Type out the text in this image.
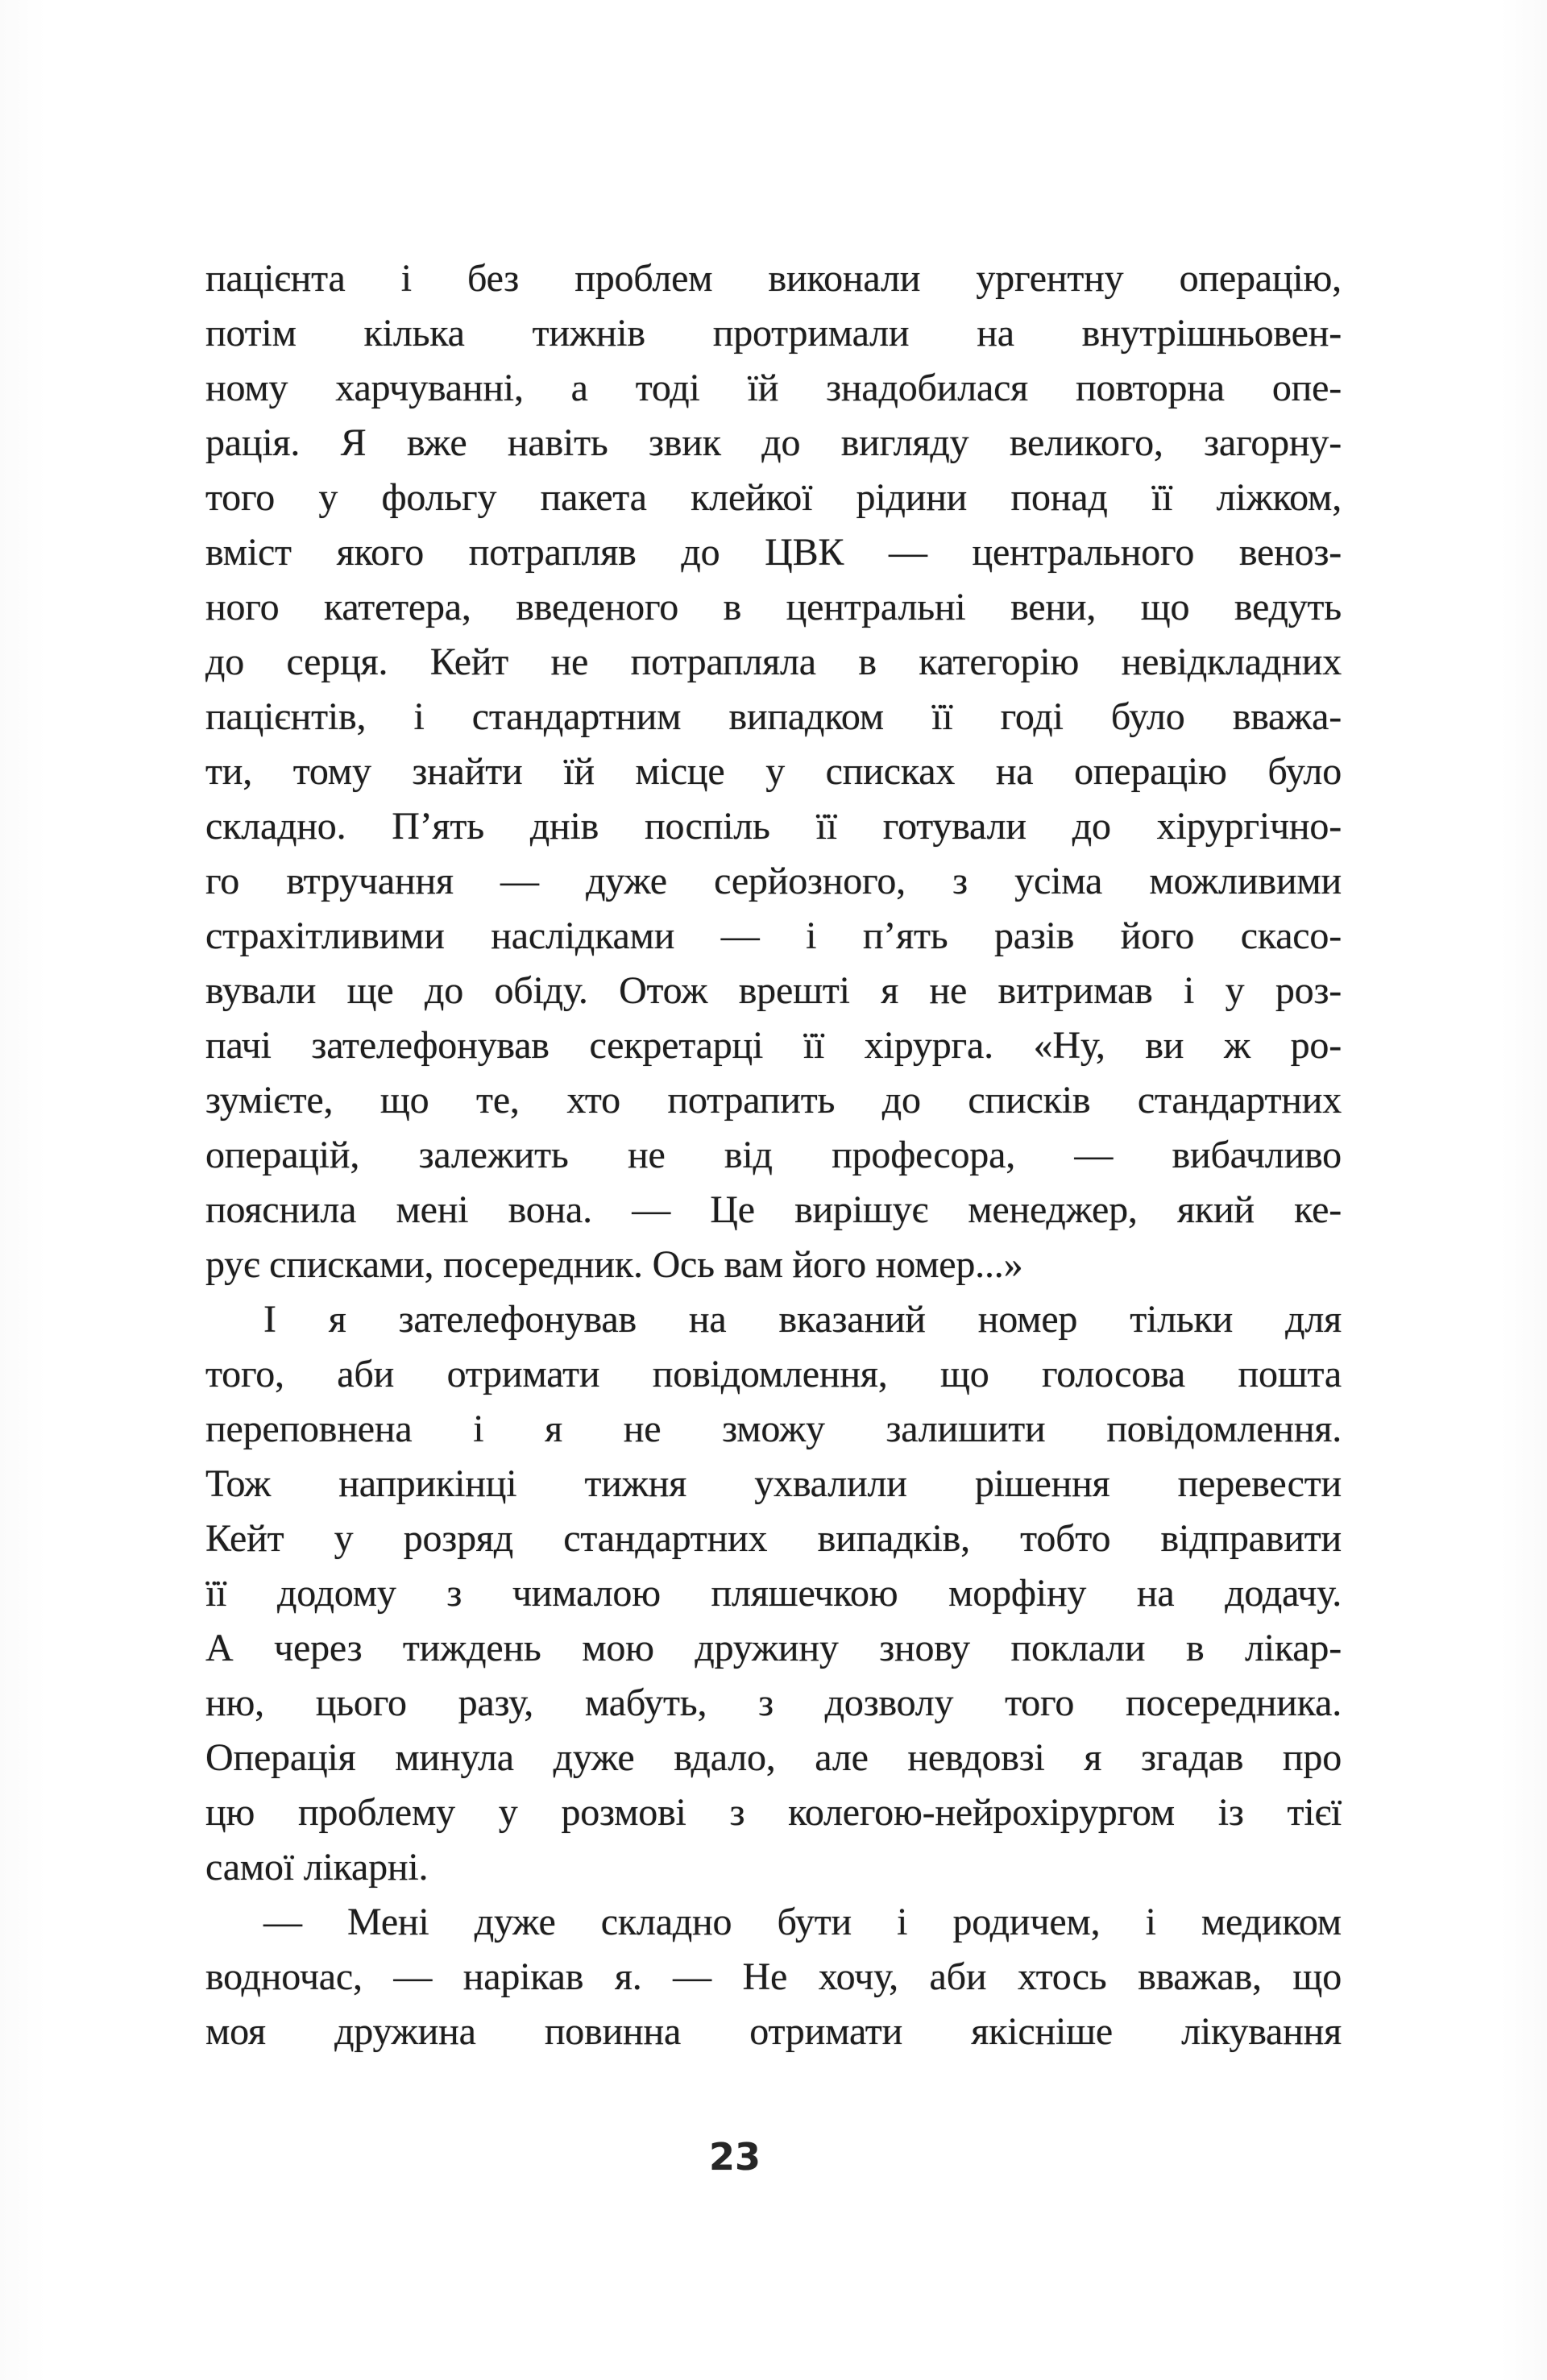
пацієнта і без проблем виконали ургентну операцію,
потім кілька тижнів протримали на внутрішньовен-
ному харчуванні, а тоді їй знадобилася повторна опе-
рація. Я вже навіть звик до вигляду великого, загорну-
того у фольгу пакета клейкої рідини понад її ліжком,
вміст якого потрапляв до ЦВК — центрального веноз-
ного катетера, введеного в центральні вени, що ведуть
до серця. Кейт не потрапляла в категорію невідкладних
пацієнтів, і стандартним випадком її годі було вважа-
ти, тому знайти їй місце у списках на операцію було
складно. П’ять днів поспіль її готували до хірургічно-
го втручання — дуже серйозного, з усіма можливими
страхітливими наслідками — і п’ять разів його скасо-
вували ще до обіду. Отож врешті я не витримав і у роз-
пачі зателефонував секретарці її хірурга. «Ну, ви ж ро-
зумієте, що те, хто потрапить до списків стандартних
операцій, залежить не від професора, — вибачливо
пояснила мені вона. — Це вирішує менеджер, який ке-
рує списками, посередник. Ось вам його номер...»
І я зателефонував на вказаний номер тільки для
того, аби отримати повідомлення, що голосова пошта
переповнена і я не зможу залишити повідомлення.
Тож наприкінці тижня ухвалили рішення перевести
Кейт у розряд стандартних випадків, тобто відправити
її додому з чималою пляшечкою морфіну на додачу.
А через тиждень мою дружину знову поклали в лікар-
ню, цього разу, мабуть, з дозволу того посередника.
Операція минула дуже вдало, але невдовзі я згадав про
цю проблему у розмові з колегою-нейрохірургом із тієї
самої лікарні.
— Мені дуже складно бути і родичем, і медиком
водночас, — нарікав я. — Не хочу, аби хтось вважав, що
моя дружина повинна отримати якісніше лікування
23
